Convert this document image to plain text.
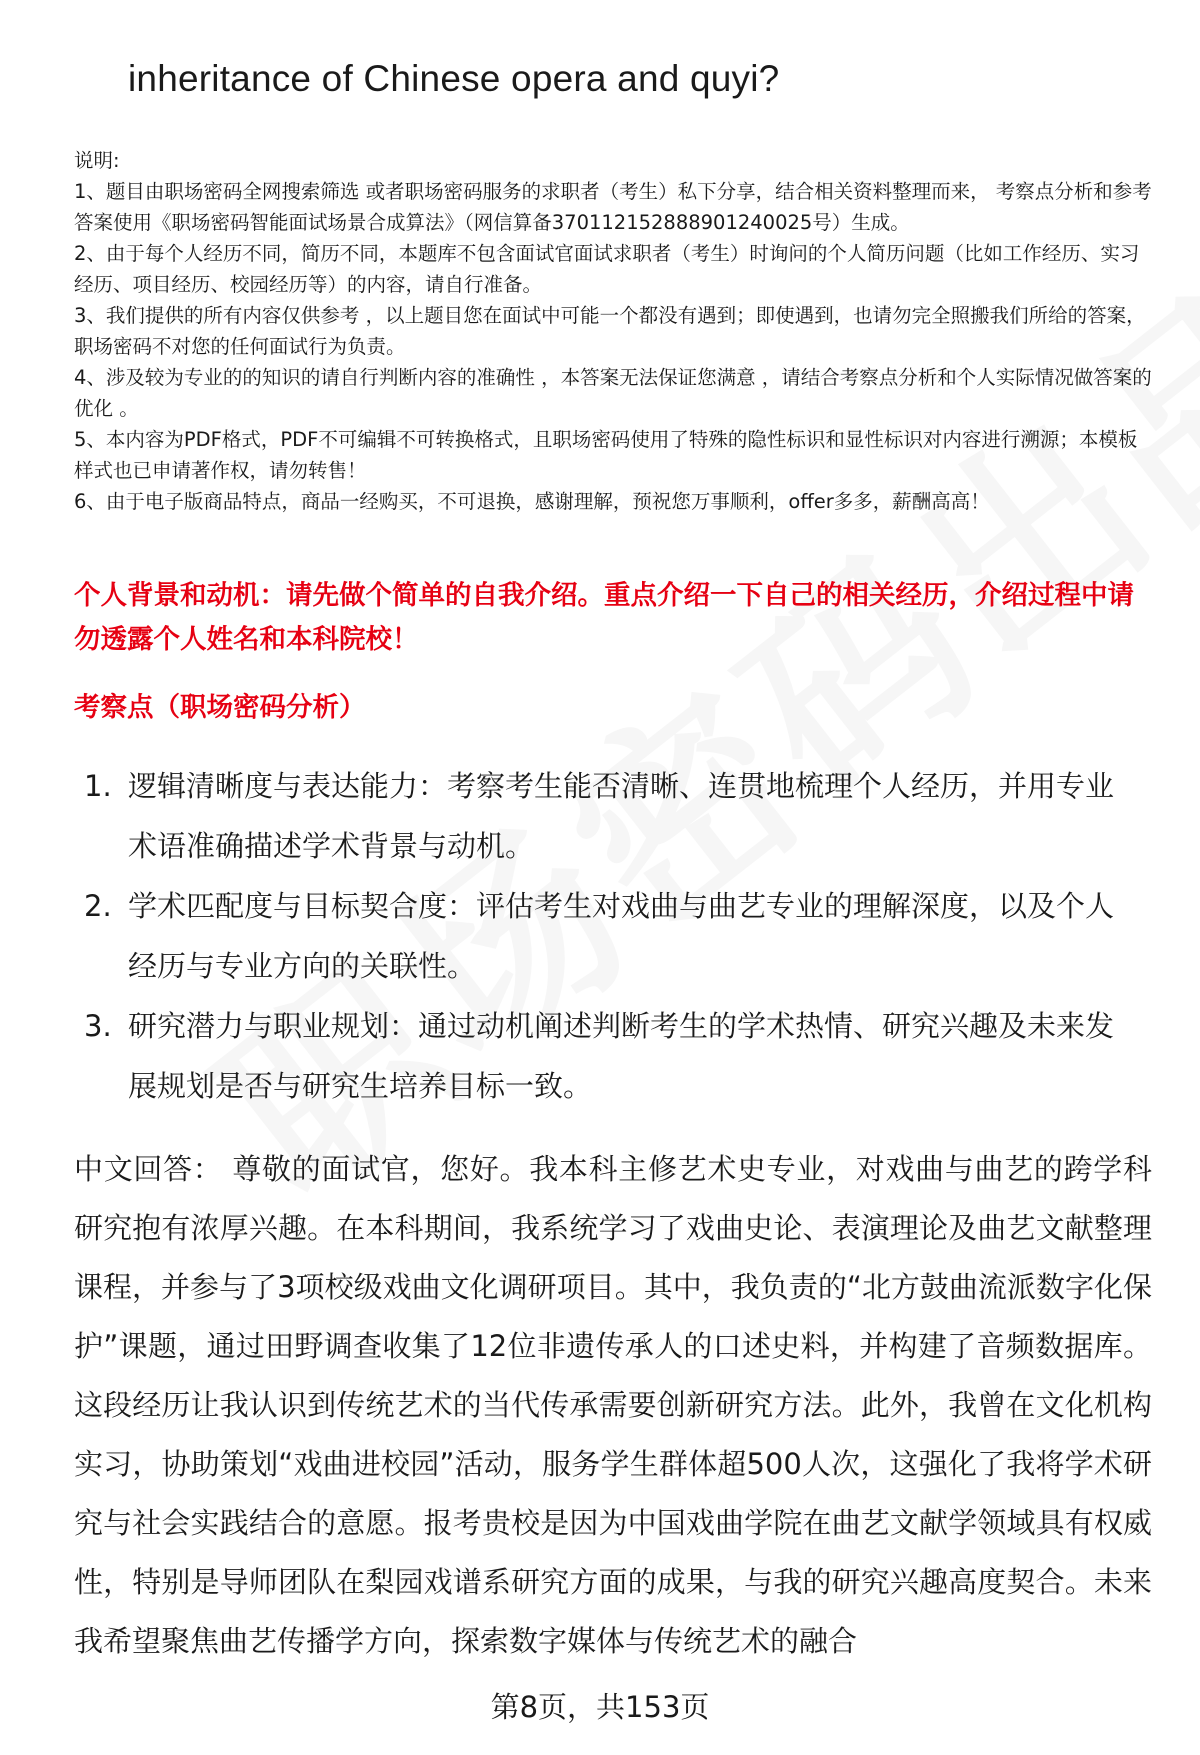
inheritance of Chinese opera and quyi?

说明:

1、题目由职场密码全网搜索筛选 或者职场密码服务的求职者（考生）私下分享，结合相关资料整理而来， 考察点分析和参考答案使用《职场密码智能面试场景合成算法》（网信算备370112152888901240025号）生成。

2、由于每个人经历不同，简历不同，本题库不包含面试官面试求职者（考生）时询问的个人简历问题（比如工作经历、实习经历、项目经历、校园经历等）的内容，请自行准备。

3、我们提供的所有内容仅供参考 ，以上题目您在面试中可能一个都没有遇到；即使遇到，也请勿完全照搬我们所给的答案，职场密码不对您的任何面试行为负责。

4、涉及较为专业的的知识的请自行判断内容的准确性 ，本答案无法保证您满意 ，请结合考察点分析和个人实际情况做答案的优化 。

5、本内容为PDF格式，PDF不可编辑不可转换格式，且职场密码使用了特殊的隐性标识和显性标识对内容进行溯源；本模板样式也已申请著作权，请勿转售！

6、由于电子版商品特点，商品一经购买，不可退换，感谢理解，预祝您万事顺利，offer多多，薪酬高高！

个人背景和动机：请先做个简单的自我介绍。重点介绍一下自己的相关经历，介绍过程中请勿透露个人姓名和本科院校！

考察点（职场密码分析）

1. 逻辑清晰度与表达能力：考察考生能否清晰、连贯地梳理个人经历，并用专业术语准确描述学术背景与动机。
2. 学术匹配度与目标契合度：评估考生对戏曲与曲艺专业的理解深度，以及个人经历与专业方向的关联性。
3. 研究潜力与职业规划：通过动机阐述判断考生的学术热情、研究兴趣及未来发展规划是否与研究生培养目标一致。

中文回答： 尊敬的面试官，您好。我本科主修艺术史专业，对戏曲与曲艺的跨学科研究抱有浓厚兴趣。在本科期间，我系统学习了戏曲史论、表演理论及曲艺文献整理课程，并参与了3项校级戏曲文化调研项目。其中，我负责的“北方鼓曲流派数字化保护”课题，通过田野调查收集了12位非遗传承人的口述史料，并构建了音频数据库。这段经历让我认识到传统艺术的当代传承需要创新研究方法。此外，我曾在文化机构实习，协助策划“戏曲进校园”活动，服务学生群体超500人次，这强化了我将学术研究与社会实践结合的意愿。报考贵校是因为中国戏曲学院在曲艺文献学领域具有权威性，特别是导师团队在梨园戏谱系研究方面的成果，与我的研究兴趣高度契合。未来我希望聚焦曲艺传播学方向，探索数字媒体与传统艺术的融合

第8页，共153页
